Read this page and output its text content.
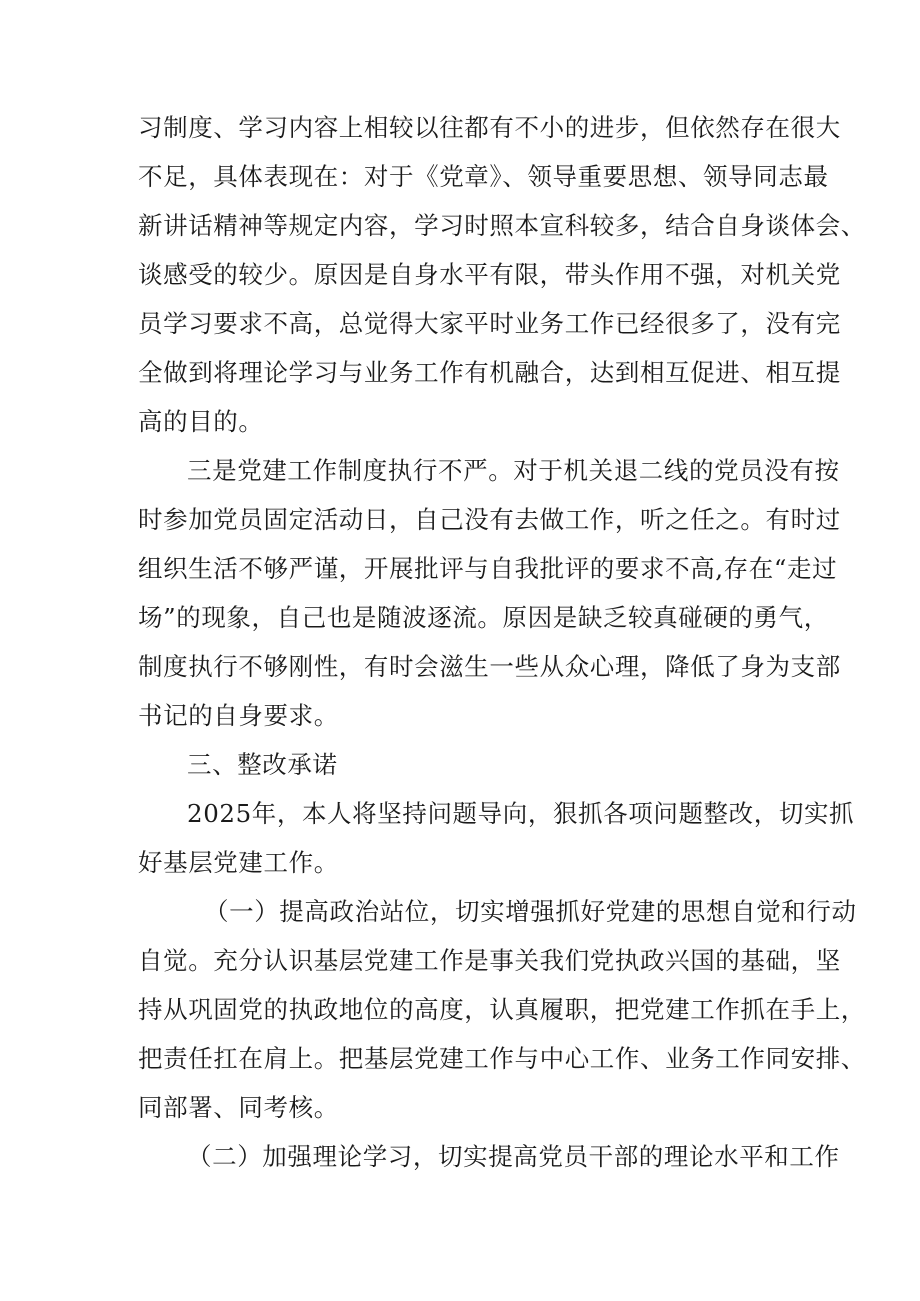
习制度、学习内容上相较以往都有不小的进步，但依然存在很大
不足，具体表现在：对于《党章》、领导重要思想、领导同志最
新讲话精神等规定内容，学习时照本宣科较多，结合自身谈体会、
谈感受的较少。原因是自身水平有限，带头作用不强，对机关党
员学习要求不高，总觉得大家平时业务工作已经很多了，没有完
全做到将理论学习与业务工作有机融合，达到相互促进、相互提
高的目的。
三是党建工作制度执行不严。对于机关退二线的党员没有按
时参加党员固定活动日，自己没有去做工作，听之任之。有时过
组织生活不够严谨，开展批评与自我批评的要求不高,存在“走过
场”的现象，自己也是随波逐流。原因是缺乏较真碰硬的勇气，
制度执行不够刚性，有时会滋生一些从众心理，降低了身为支部
书记的自身要求。
三、整改承诺
2025年，本人将坚持问题导向，狠抓各项问题整改，切实抓
好基层党建工作。
（一）提高政治站位，切实增强抓好党建的思想自觉和行动
自觉。充分认识基层党建工作是事关我们党执政兴国的基础，坚
持从巩固党的执政地位的高度，认真履职，把党建工作抓在手上，
把责任扛在肩上。把基层党建工作与中心工作、业务工作同安排、
同部署、同考核。
（二）加强理论学习，切实提高党员干部的理论水平和工作
